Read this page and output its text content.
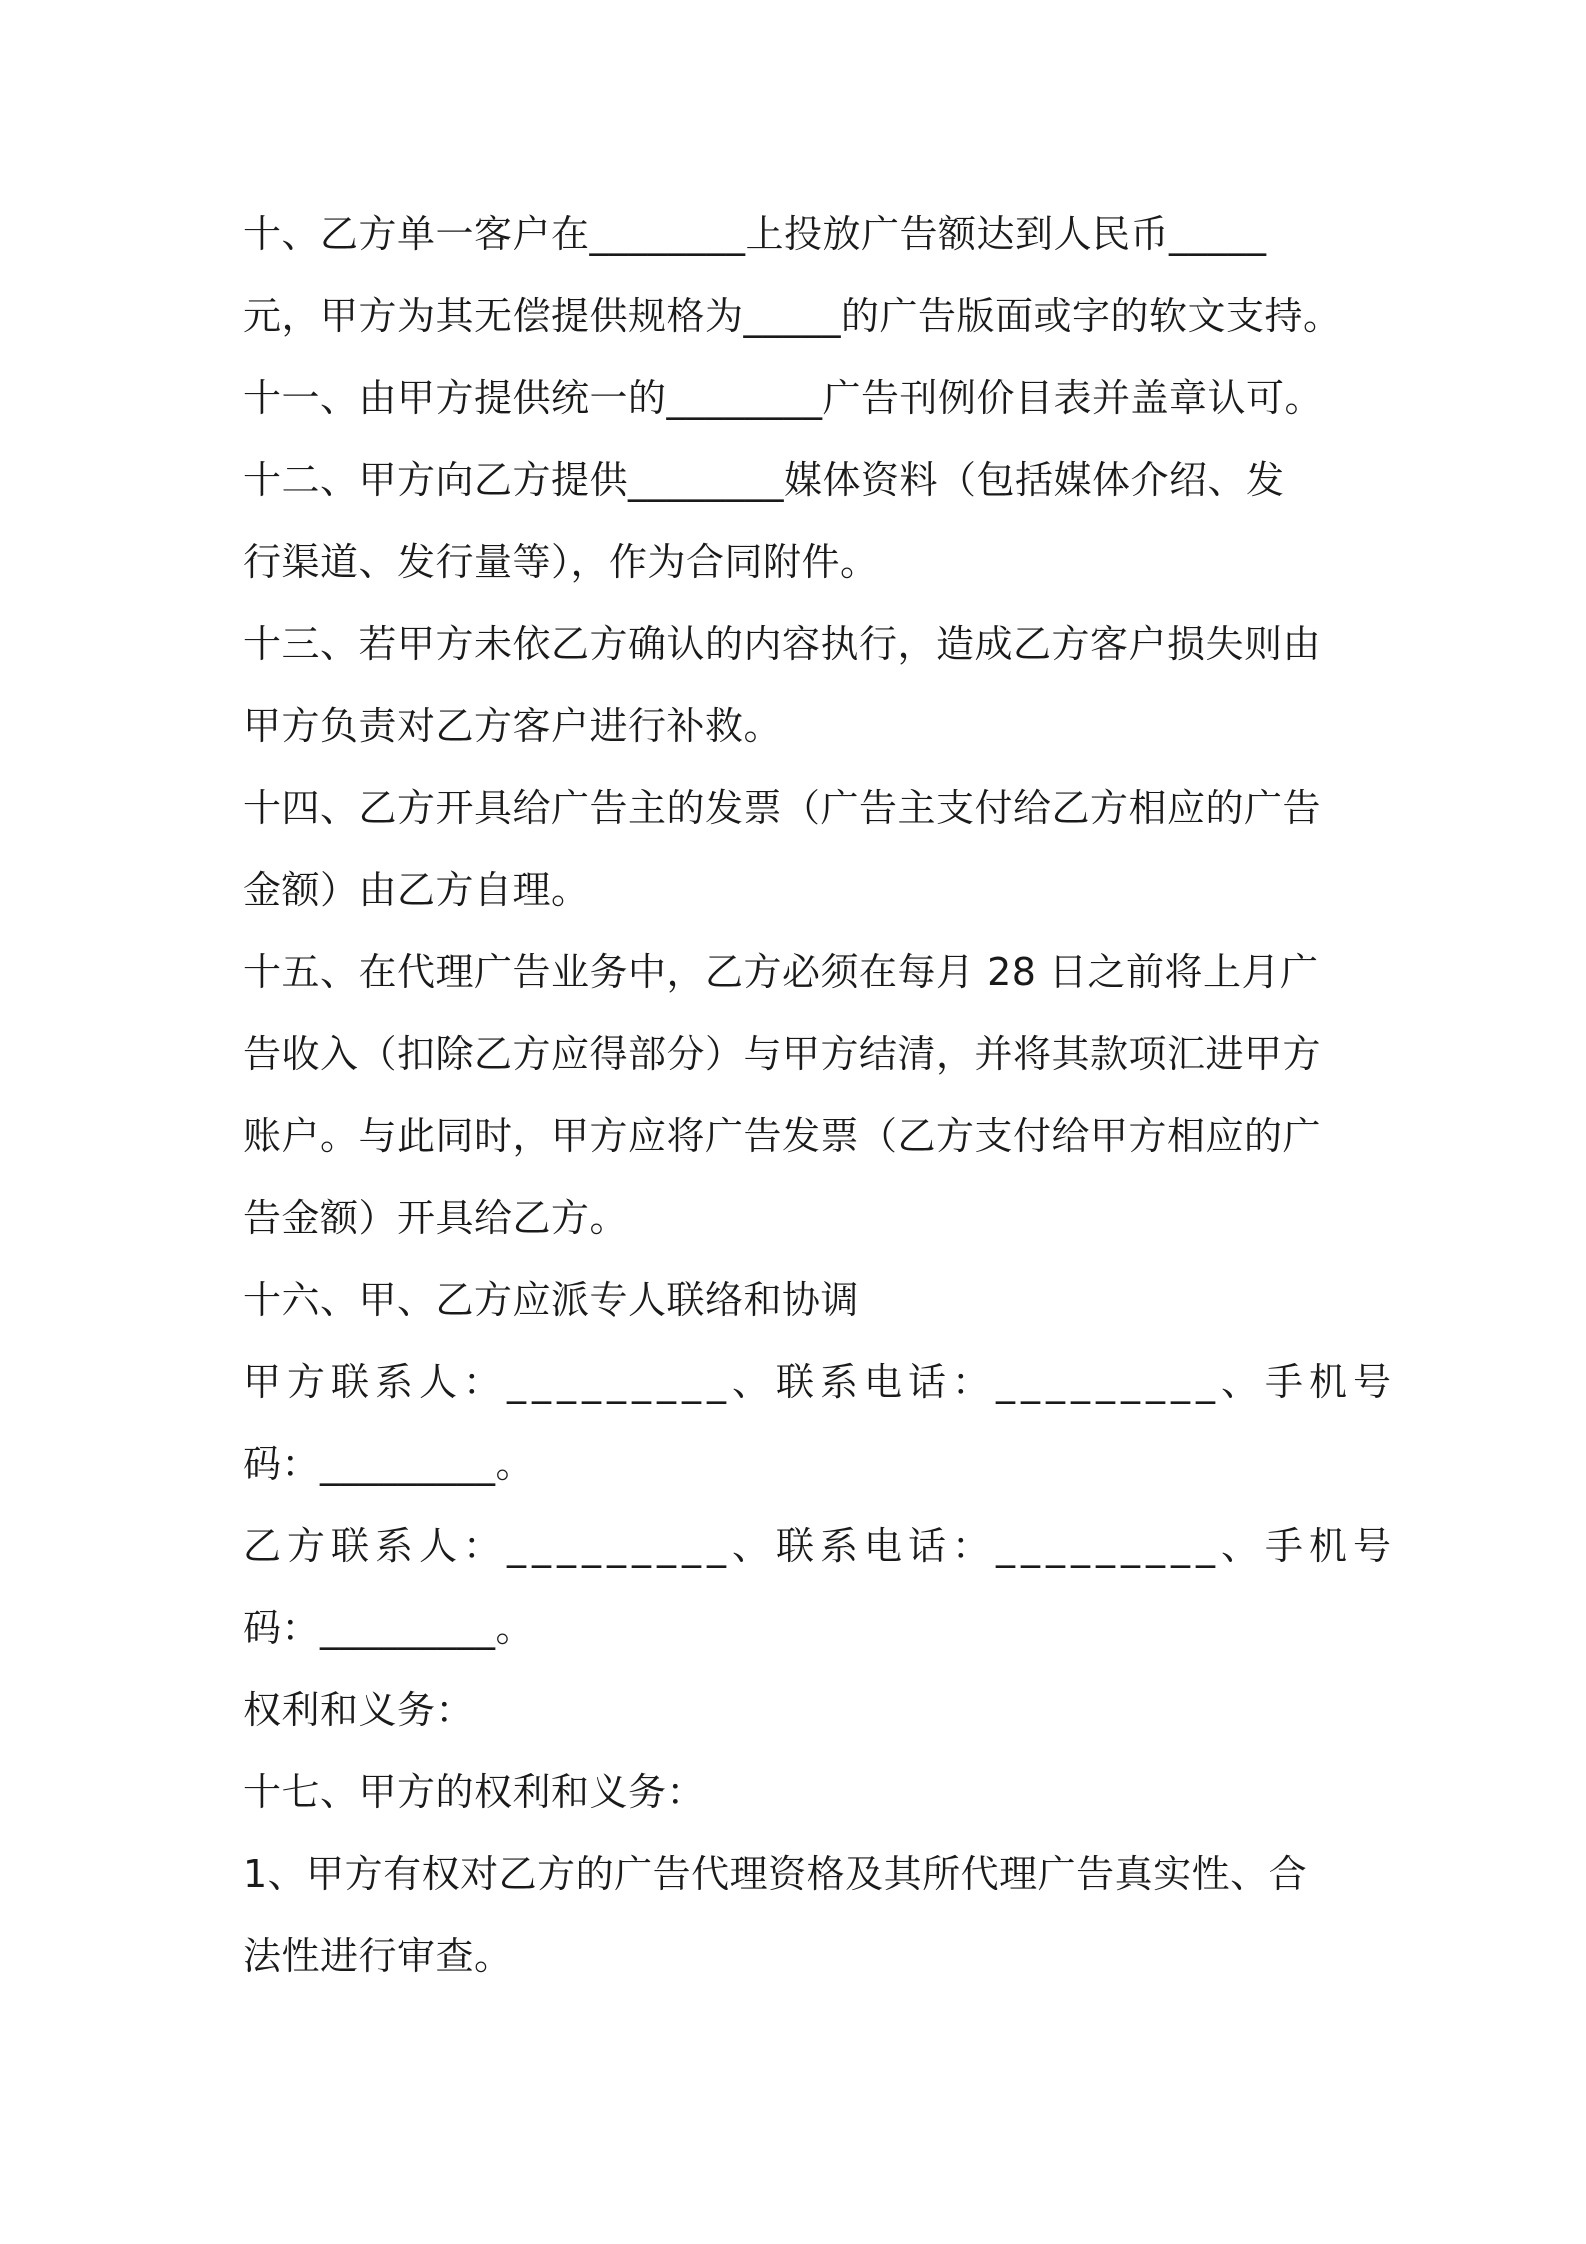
十、乙方单一客户在________上投放广告额达到人民币_____
元，甲方为其无偿提供规格为_____的广告版面或字的软文支持。
十一、由甲方提供统一的________广告刊例价目表并盖章认可。
十二、甲方向乙方提供________媒体资料（包括媒体介绍、发
行渠道、发行量等），作为合同附件。
十三、若甲方未依乙方确认的内容执行，造成乙方客户损失则由
甲方负责对乙方客户进行补救。
十四、乙方开具给广告主的发票（广告主支付给乙方相应的广告
金额）由乙方自理。
十五、在代理广告业务中，乙方必须在每月 28 日之前将上月广
告收入（扣除乙方应得部分）与甲方结清，并将其款项汇进甲方
账户。与此同时，甲方应将广告发票（乙方支付给甲方相应的广
告金额）开具给乙方。
十六、甲、乙方应派专人联络和协调
甲方联系人：_________、联系电话：_________、手机号
码：_________。
乙方联系人：_________、联系电话：_________、手机号
码：_________。
权利和义务：
十七、甲方的权利和义务：
1、甲方有权对乙方的广告代理资格及其所代理广告真实性、合
法性进行审查。
